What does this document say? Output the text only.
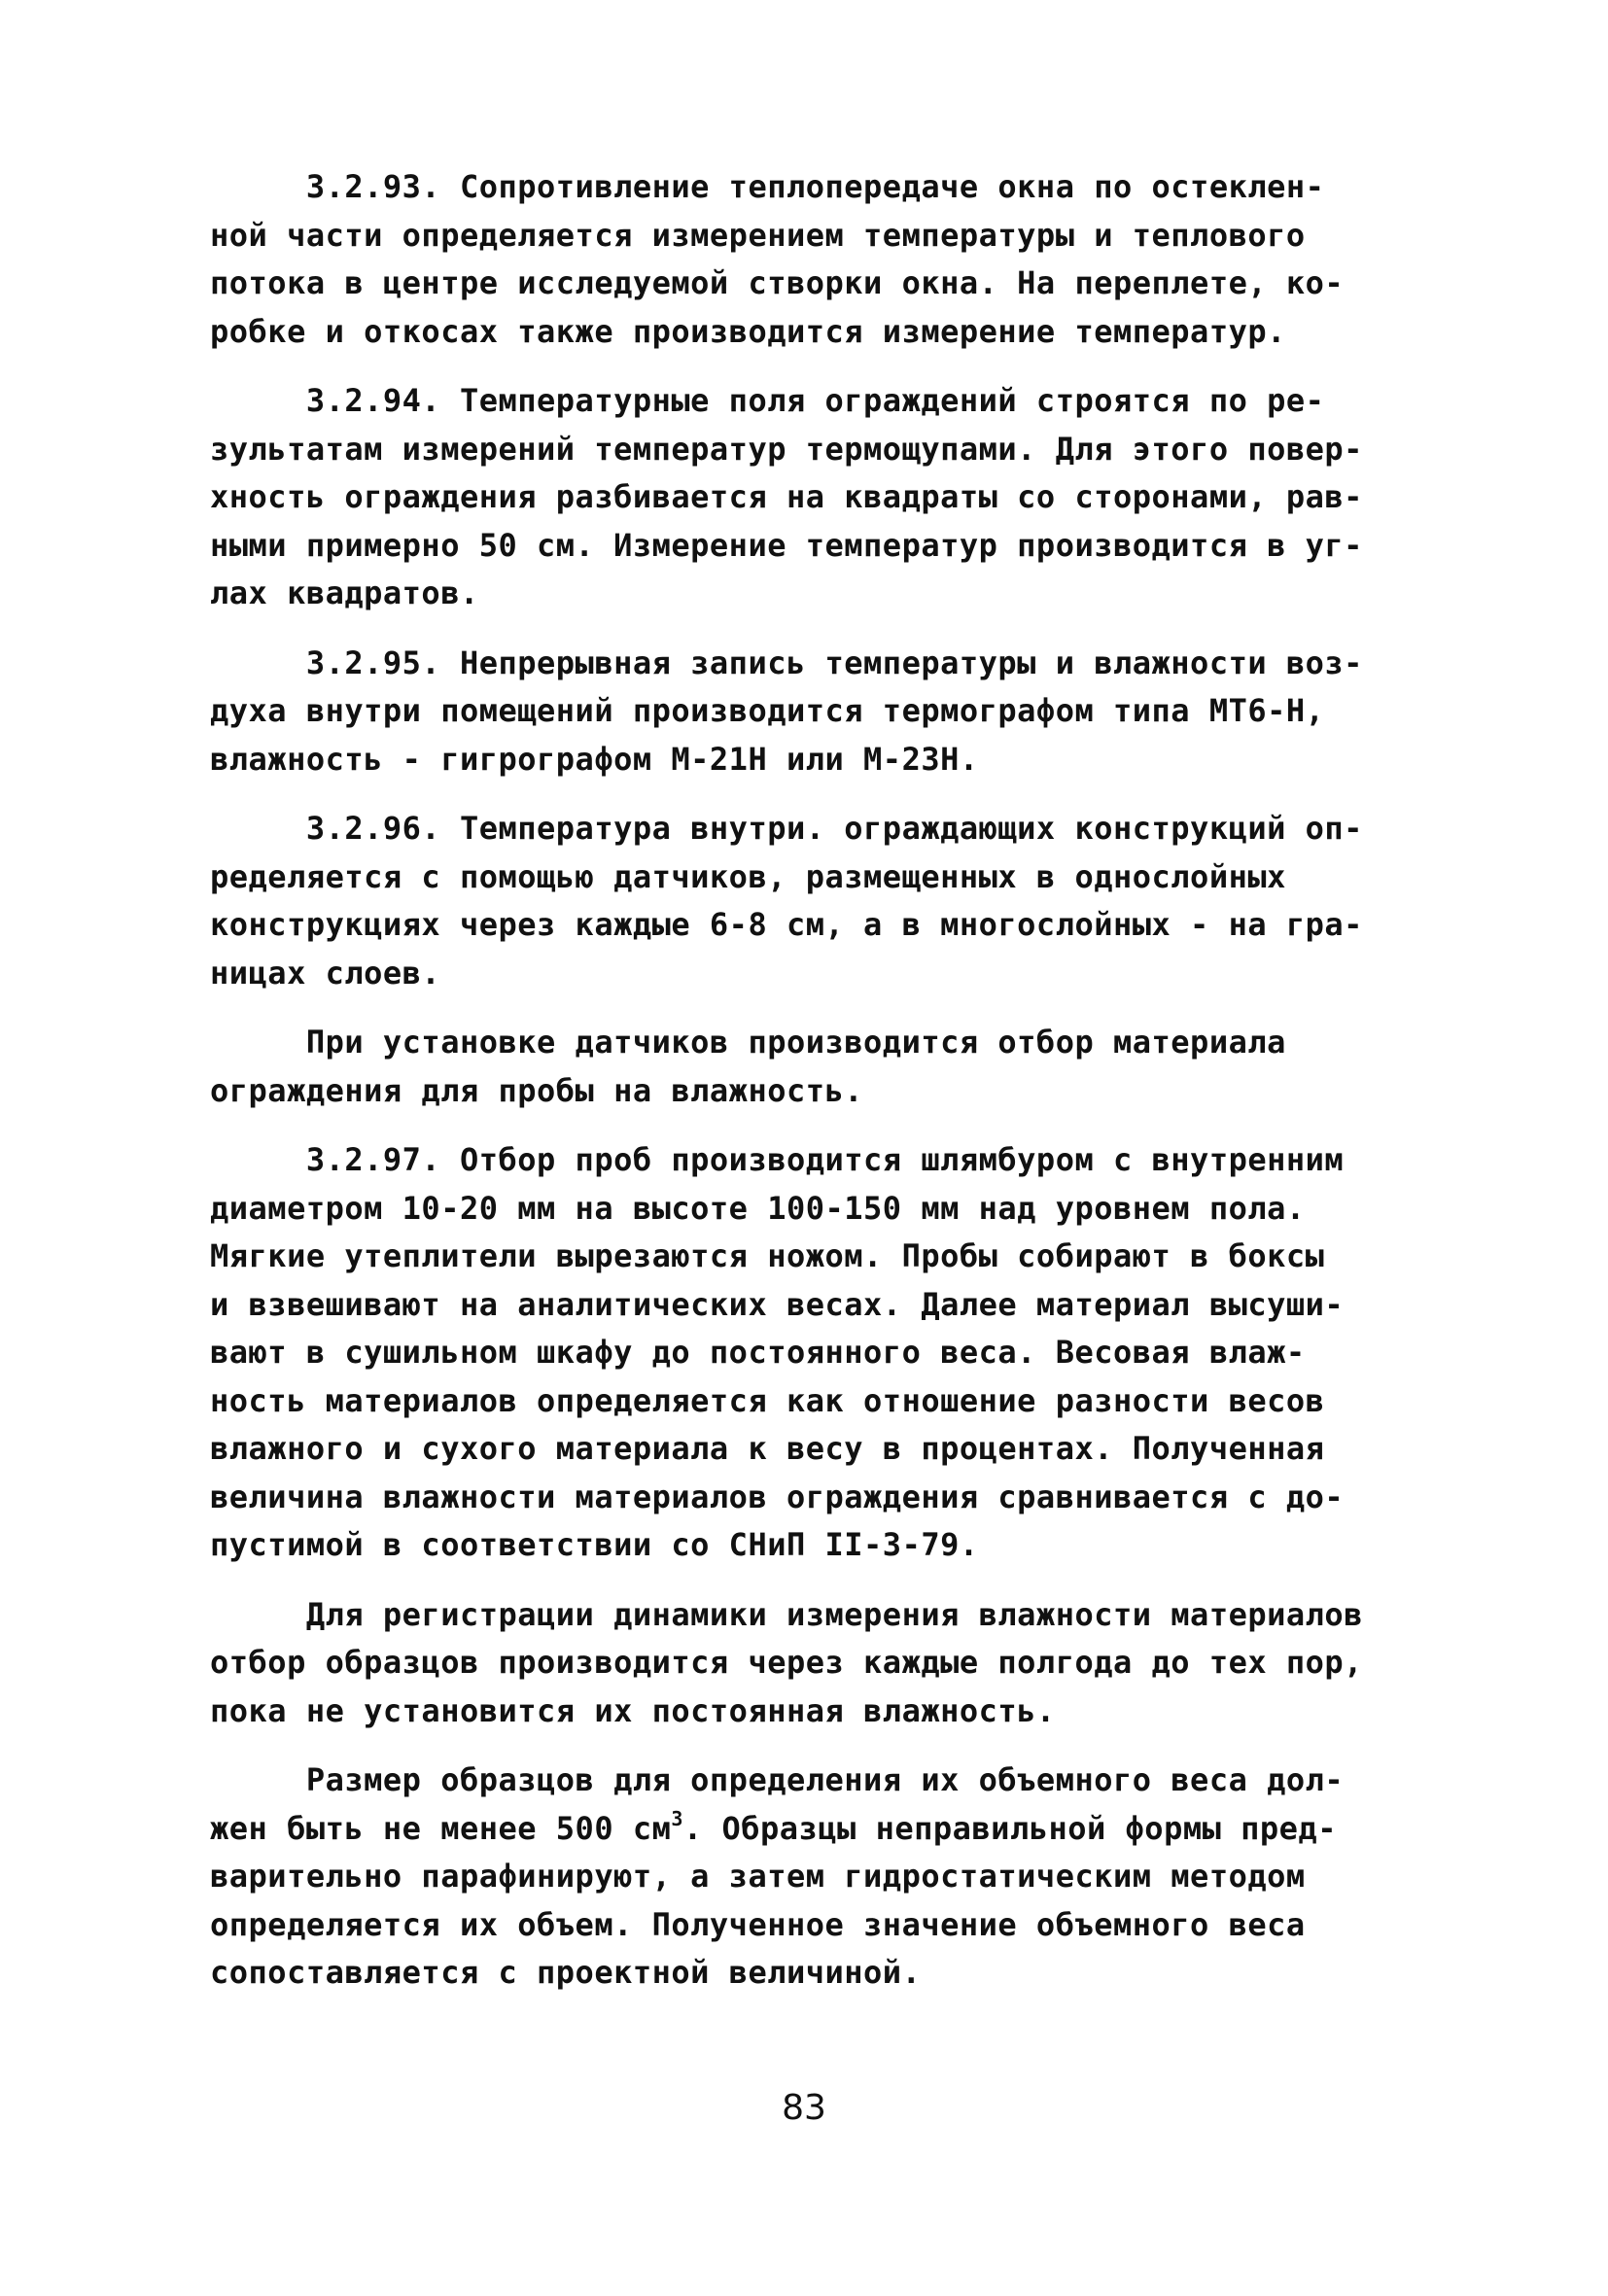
3.2.93. Сопротивление теплопередаче окна по остеклен-
ной части определяется измерением температуры и теплового
потока в центре исследуемой створки окна. На переплете, ко-
робке и откосах также производится измерение температур.
3.2.94. Температурные поля ограждений строятся по ре-
зультатам измерений температур термощупами. Для этого повер-
хность ограждения разбивается на квадраты со сторонами, рав-
ными примерно 50 см. Измерение температур производится в уг-
лах квадратов.
3.2.95. Непрерывная запись температуры и влажности воз-
духа внутри помещений производится термографом типа МТ6-Н,
влажность - гигрографом М-21Н или М-23Н.
3.2.96. Температура внутри. ограждающих конструкций оп-
ределяется с помощью датчиков, размещенных в однослойных
конструкциях через каждые 6-8 см, а в многослойных - на гра-
ницах слоев.
При установке датчиков производится отбор материала
ограждения для пробы на влажность.
3.2.97. Отбор проб производится шлямбуром с внутренним
диаметром 10-20 мм на высоте 100-150 мм над уровнем пола.
Мягкие утеплители вырезаются ножом. Пробы собирают в боксы
и взвешивают на аналитических весах. Далее материал высуши-
вают в сушильном шкафу до постоянного веса. Весовая влаж-
ность материалов определяется как отношение разности весов
влажного и сухого материала к весу в процентах. Полученная
величина влажности материалов ограждения сравнивается с до-
пустимой в соответствии со СНиП II-3-79.
Для регистрации динамики измерения влажности материалов
отбор образцов производится через каждые полгода до тех пор,
пока не установится их постоянная влажность.
Размер образцов для определения их объемного веса дол-
жен быть не менее 500 $см^3$. Образцы неправильной формы пред-
варительно парафинируют, а затем гидростатическим методом
определяется их объем. Полученное значение объемного веса
сопоставляется с проектной величиной.
83
